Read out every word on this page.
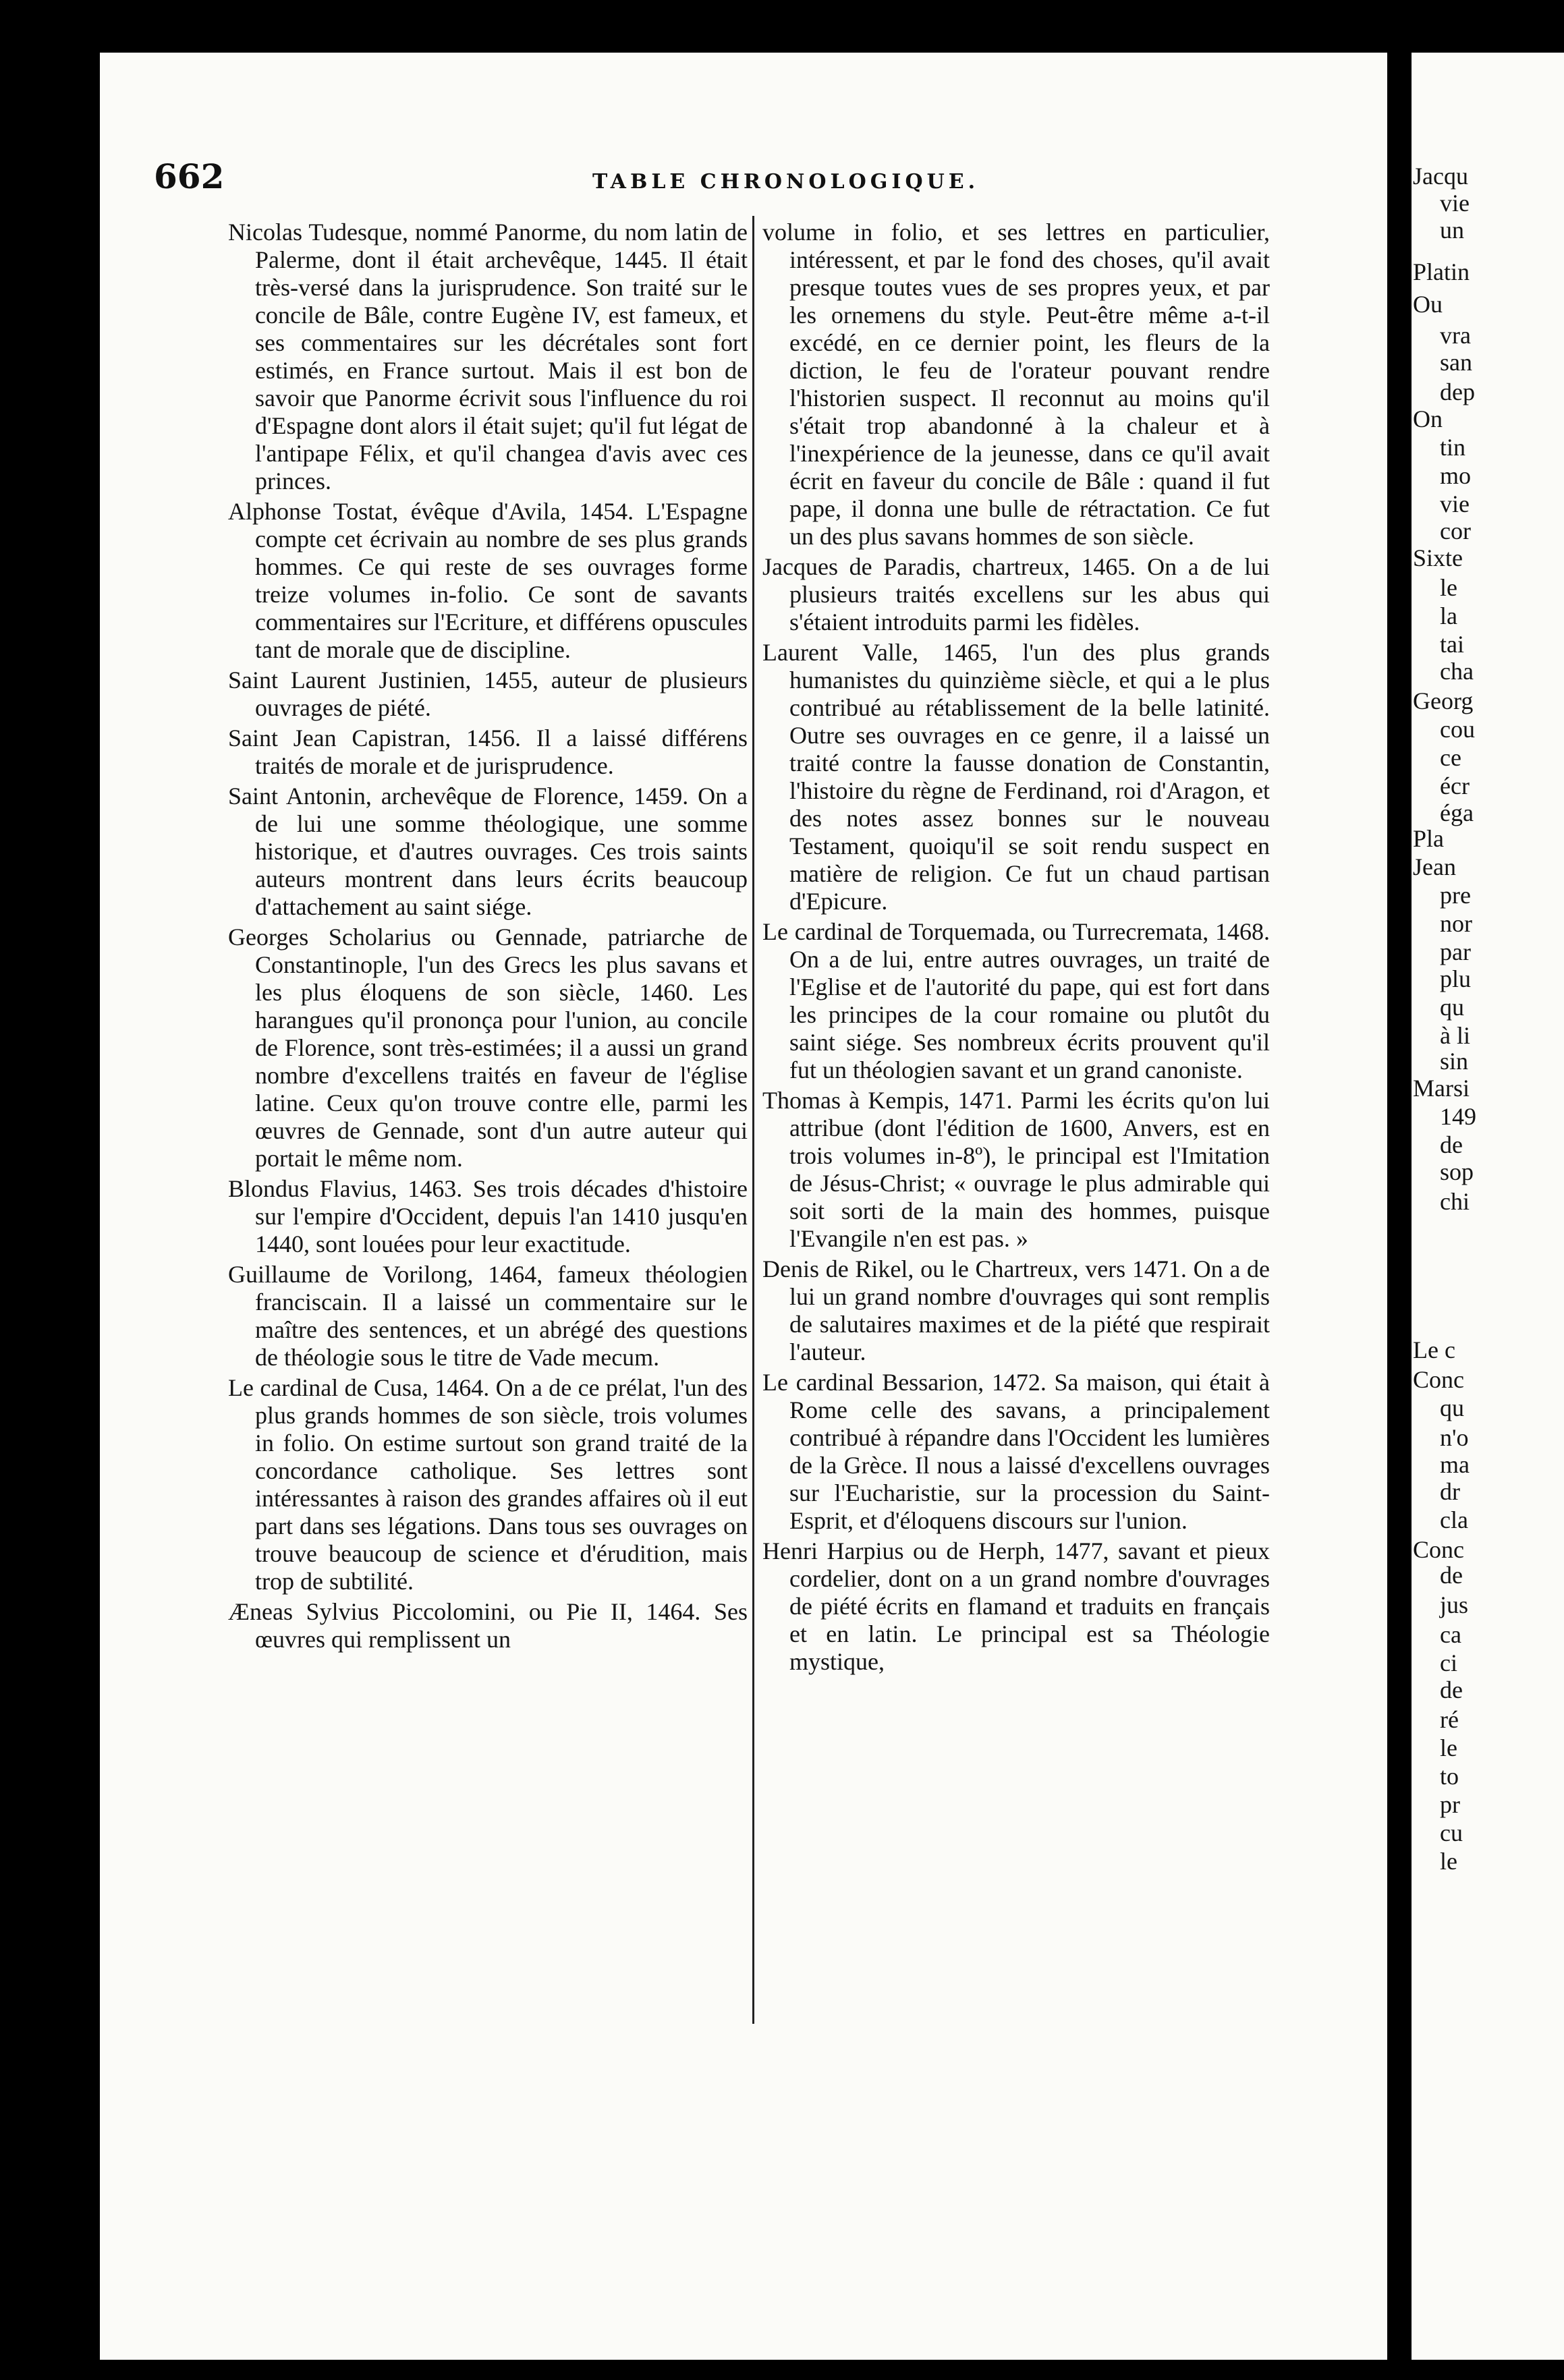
Jacqu
vie
un
Platin
Ou
vra
san
dep
On
tin
mo
vie
cor
Sixte
le
la
tai
cha
Georg
cou
ce
écr
éga
Pla
Jean
pre
nor
par
plu
qu
à li
sin
Marsi
149
de
sop
chi
Le c
Conc
qu
n'o
ma
dr
cla
Conc
de
jus
ca
ci
de
ré
le
to
pr
cu
le
662	TABLE CHRONOLOGIQUE.

Nicolas Tudesque, nommé Panorme, du nom latin de Palerme, dont il était archevêque, 1445. Il était très-versé dans la jurisprudence. Son traité sur le concile de Bâle, contre Eugène IV, est fameux, et ses commentaires sur les décrétales sont fort estimés, en France surtout. Mais il est bon de savoir que Panorme écrivit sous l'influence du roi d'Espagne dont alors il était sujet; qu'il fut légat de l'antipape Félix, et qu'il changea d'avis avec ces princes.

Alphonse Tostat, évêque d'Avila, 1454. L'Espagne compte cet écrivain au nombre de ses plus grands hommes. Ce qui reste de ses ouvrages forme treize volumes in-folio. Ce sont de savants commentaires sur l'Ecriture, et différens opuscules tant de morale que de discipline.

Saint Laurent Justinien, 1455, auteur de plusieurs ouvrages de piété.

Saint Jean Capistran, 1456. Il a laissé différens traités de morale et de jurisprudence.

Saint Antonin, archevêque de Florence, 1459. On a de lui une somme théologique, une somme historique, et d'autres ouvrages. Ces trois saints auteurs montrent dans leurs écrits beaucoup d'attachement au saint siége.

Georges Scholarius ou Gennade, patriarche de Constantinople, l'un des Grecs les plus savans et les plus éloquens de son siècle, 1460. Les harangues qu'il prononça pour l'union, au concile de Florence, sont très-estimées; il a aussi un grand nombre d'excellens traités en faveur de l'église latine. Ceux qu'on trouve contre elle, parmi les œuvres de Gennade, sont d'un autre auteur qui portait le même nom.

Blondus Flavius, 1463. Ses trois décades d'histoire sur l'empire d'Occident, depuis l'an 1410 jusqu'en 1440, sont louées pour leur exactitude.

Guillaume de Vorilong, 1464, fameux théologien franciscain. Il a laissé un commentaire sur le maître des sentences, et un abrégé des questions de théologie sous le titre de Vade mecum.

Le cardinal de Cusa, 1464. On a de ce prélat, l'un des plus grands hommes de son siècle, trois volumes in folio. On estime surtout son grand traité de la concordance catholique. Ses lettres sont intéressantes à raison des grandes affaires où il eut part dans ses légations. Dans tous ses ouvrages on trouve beaucoup de science et d'érudition, mais trop de subtilité.

Æneas Sylvius Piccolomini, ou Pie II, 1464. Ses œuvres qui remplissent un

volume in folio, et ses lettres en particulier, intéressent, et par le fond des choses, qu'il avait presque toutes vues de ses propres yeux, et par les ornemens du style. Peut-être même a-t-il excédé, en ce dernier point, les fleurs de la diction, le feu de l'orateur pouvant rendre l'historien suspect. Il reconnut au moins qu'il s'était trop abandonné à la chaleur et à l'inexpérience de la jeunesse, dans ce qu'il avait écrit en faveur du concile de Bâle : quand il fut pape, il donna une bulle de rétractation. Ce fut un des plus savans hommes de son siècle.

Jacques de Paradis, chartreux, 1465. On a de lui plusieurs traités excellens sur les abus qui s'étaient introduits parmi les fidèles.

Laurent Valle, 1465, l'un des plus grands humanistes du quinzième siècle, et qui a le plus contribué au rétablissement de la belle latinité. Outre ses ouvrages en ce genre, il a laissé un traité contre la fausse donation de Constantin, l'histoire du règne de Ferdinand, roi d'Aragon, et des notes assez bonnes sur le nouveau Testament, quoiqu'il se soit rendu suspect en matière de religion. Ce fut un chaud partisan d'Epicure.

Le cardinal de Torquemada, ou Turrecremata, 1468. On a de lui, entre autres ouvrages, un traité de l'Eglise et de l'autorité du pape, qui est fort dans les principes de la cour romaine ou plutôt du saint siége. Ses nombreux écrits prouvent qu'il fut un théologien savant et un grand canoniste.

Thomas à Kempis, 1471. Parmi les écrits qu'on lui attribue (dont l'édition de 1600, Anvers, est en trois volumes in-8º), le principal est l'Imitation de Jésus-Christ; « ouvrage le plus admirable qui soit sorti de la main des hommes, puisque l'Evangile n'en est pas. »

Denis de Rikel, ou le Chartreux, vers 1471. On a de lui un grand nombre d'ouvrages qui sont remplis de salutaires maximes et de la piété que respirait l'auteur.

Le cardinal Bessarion, 1472. Sa maison, qui était à Rome celle des savans, a principalement contribué à répandre dans l'Occident les lumières de la Grèce. Il nous a laissé d'excellens ouvrages sur l'Eucharistie, sur la procession du Saint-Esprit, et d'éloquens discours sur l'union.

Henri Harpius ou de Herph, 1477, savant et pieux cordelier, dont on a un grand nombre d'ouvrages de piété écrits en flamand et traduits en français et en latin. Le principal est sa Théologie mystique,
